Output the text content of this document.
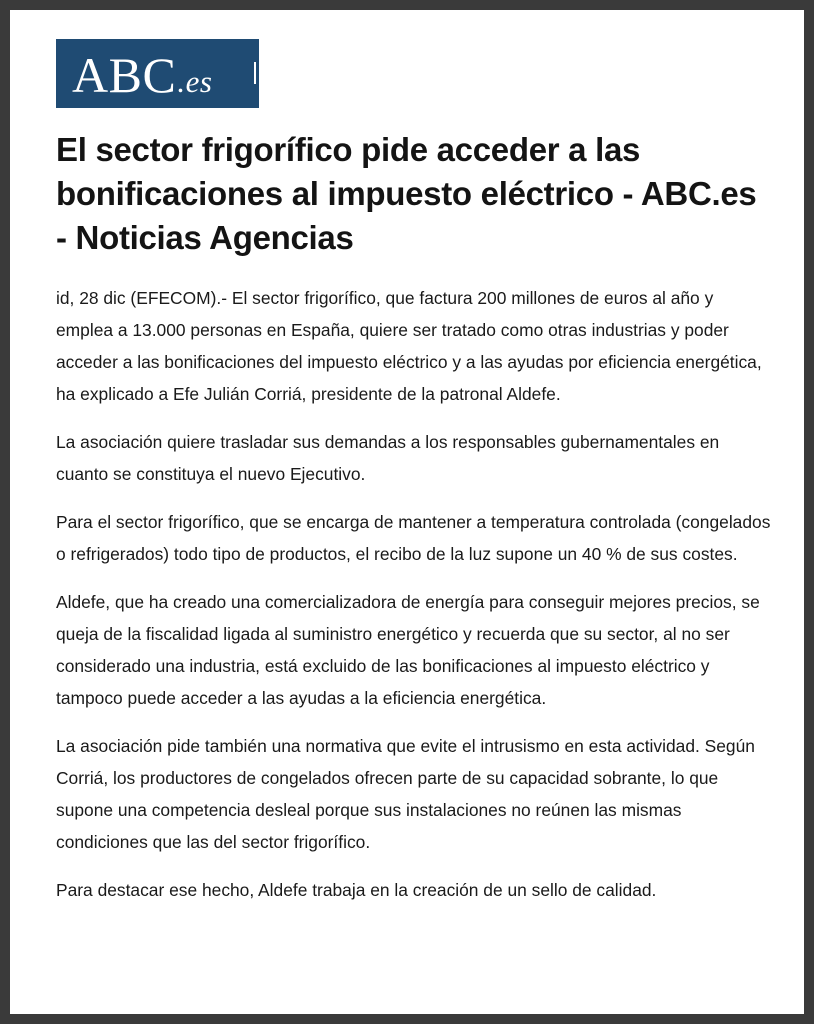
ABC.es
El sector frigorífico pide acceder a las bonificaciones al impuesto eléctrico - ABC.es - Noticias Agencias

id, 28 dic (EFECOM).- El sector frigorífico, que factura 200 millones de euros al año y emplea a 13.000 personas en España, quiere ser tratado como otras industrias y poder acceder a las bonificaciones del impuesto eléctrico y a las ayudas por eficiencia energética, ha explicado a Efe Julián Corriá, presidente de la patronal Aldefe.

La asociación quiere trasladar sus demandas a los responsables gubernamentales en cuanto se constituya el nuevo Ejecutivo.

Para el sector frigorífico, que se encarga de mantener a temperatura controlada (congelados o refrigerados) todo tipo de productos, el recibo de la luz supone un 40 % de sus costes.

Aldefe, que ha creado una comercializadora de energía para conseguir mejores precios, se queja de la fiscalidad ligada al suministro energético y recuerda que su sector, al no ser considerado una industria, está excluido de las bonificaciones al impuesto eléctrico y tampoco puede acceder a las ayudas a la eficiencia energética.

La asociación pide también una normativa que evite el intrusismo en esta actividad. Según Corriá, los productores de congelados ofrecen parte de su capacidad sobrante, lo que supone una competencia desleal porque sus instalaciones no reúnen las mismas condiciones que las del sector frigorífico.

Para destacar ese hecho, Aldefe trabaja en la creación de un sello de calidad.
